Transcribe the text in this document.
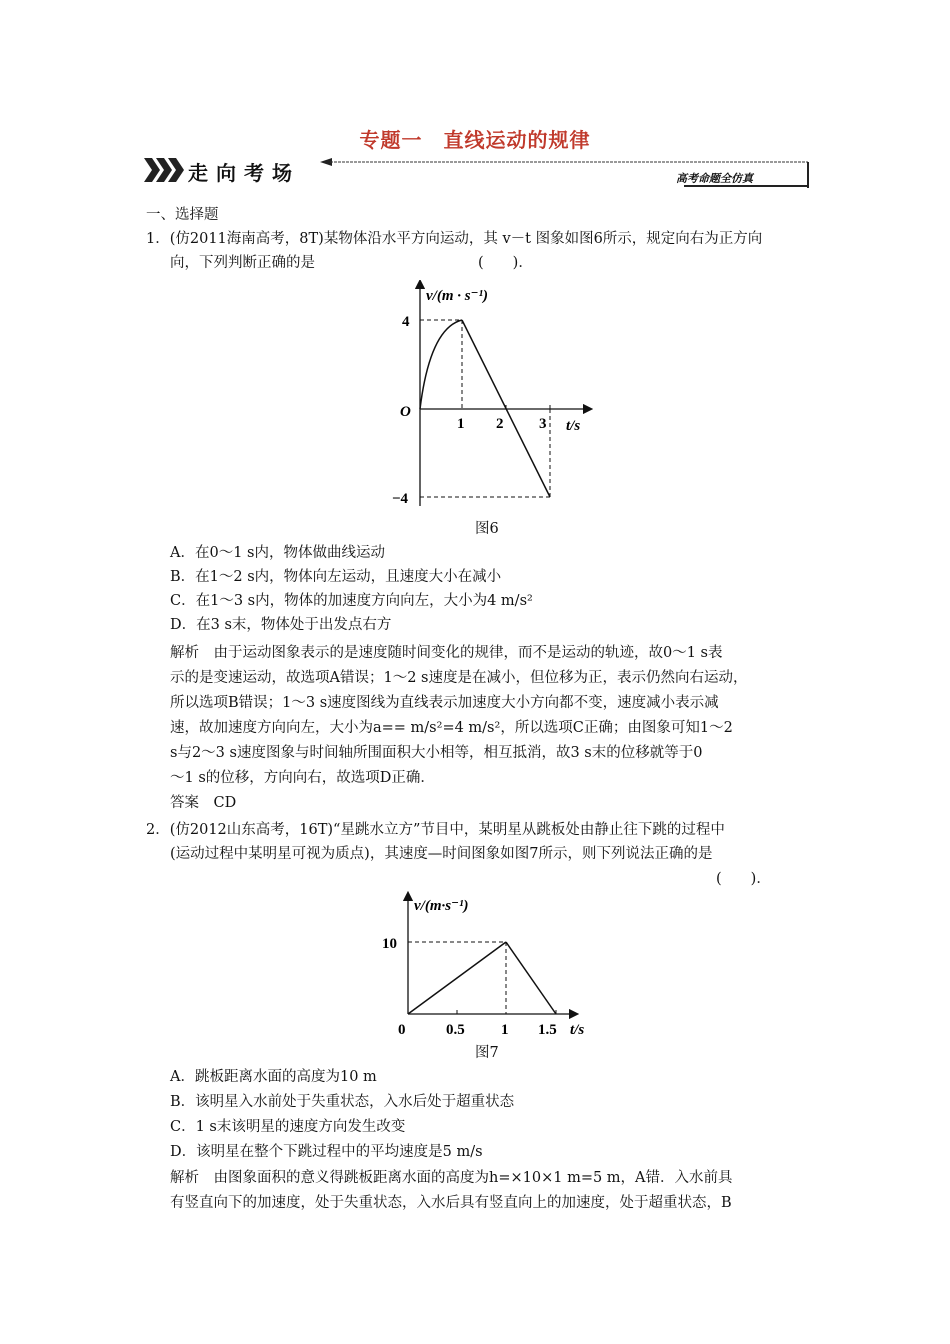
专题一　直线运动的规律
走向考场	高考命题全仿真
一、选择题
1．(仿2011海南高考，8T)某物体沿水平方向运动，其 v－t 图象如图6所示，规定向右为正方向
向，下列判断正确的是	(　　)．
v/(m · s⁻¹)
t/s
O
4
−4
1 2 3
图6
A．在0～1 s内，物体做曲线运动
B．在1～2 s内，物体向左运动，且速度大小在减小
C．在1～3 s内，物体的加速度方向向左，大小为4 m/s²
D．在3 s末，物体处于出发点右方
解析　由于运动图象表示的是速度随时间变化的规律，而不是运动的轨迹，故0～1 s表
示的是变速运动，故选项A错误；1～2 s速度是在减小，但位移为正，表示仍然向右运动，
所以选项B错误；1～3 s速度图线为直线表示加速度大小方向都不变，速度减小表示减
速，故加速度方向向左，大小为a== m/s²=4 m/s²，所以选项C正确；由图象可知1～2
s与2～3 s速度图象与时间轴所围面积大小相等，相互抵消，故3 s末的位移就等于0
～1 s的位移，方向向右，故选项D正确．
答案　CD
2．(仿2012山东高考，16T)“星跳水立方”节目中，某明星从跳板处由静止往下跳的过程中
(运动过程中某明星可视为质点)，其速度—时间图象如图7所示，则下列说法正确的是
(　　)．
v/(m·s⁻¹)
t/s
10
0	0.5 1 1.5
图7
A．跳板距离水面的高度为10 m
B．该明星入水前处于失重状态，入水后处于超重状态
C．1 s末该明星的速度方向发生改变
D．该明星在整个下跳过程中的平均速度是5 m/s
解析　由图象面积的意义得跳板距离水面的高度为h=×10×1 m=5 m，A错．入水前具
有竖直向下的加速度，处于失重状态，入水后具有竖直向上的加速度，处于超重状态，B
